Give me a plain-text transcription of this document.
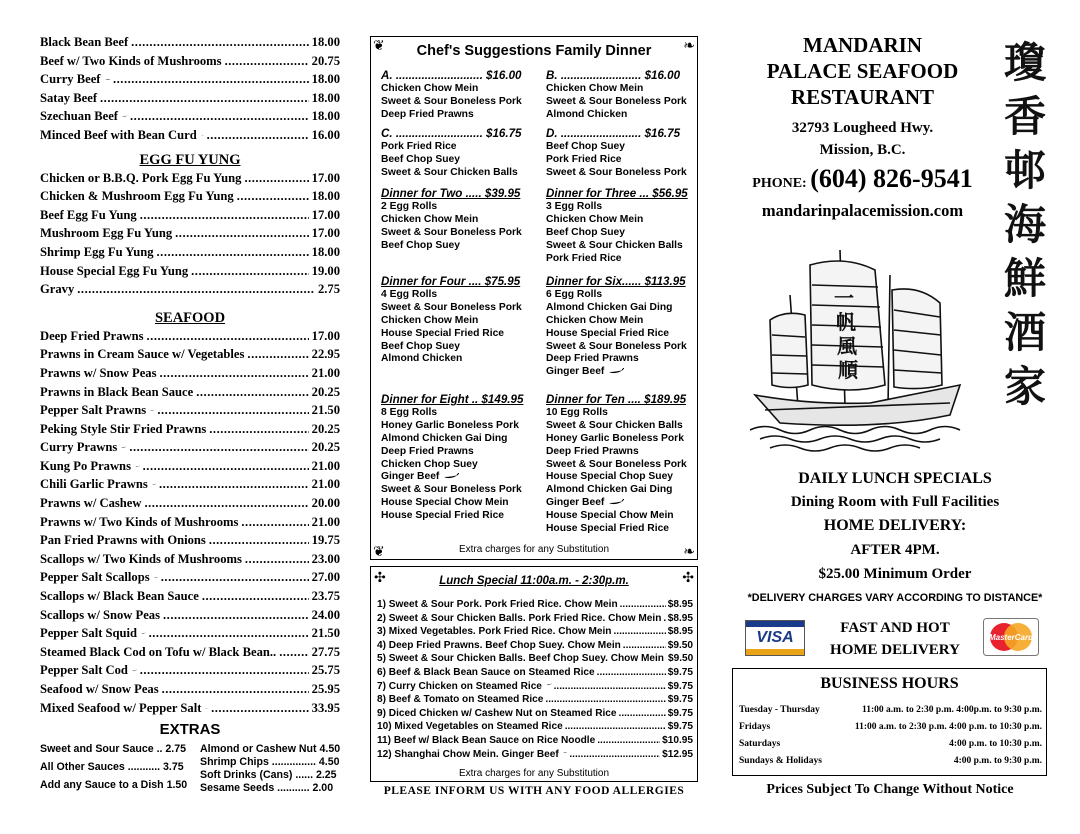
Black Bean Beef .....	18.00
Beef w/ Two Kinds of Mushrooms .....	20.75
Curry Beef .....	18.00
Satay Beef .....	18.00
Szechuan Beef .....	18.00
Minced Beef with Bean Curd .....	16.00
EGG FU YUNG
Chicken or B.B.Q. Pork Egg Fu Yung .....	17.00
Chicken & Mushroom Egg Fu Yung .....	18.00
Beef Egg Fu Yung .....	17.00
Mushroom Egg Fu Yung .....	17.00
Shrimp Egg Fu Yung .....	18.00
House Special Egg Fu Yung .....	19.00
Gravy .....	2.75
SEAFOOD
Deep Fried Prawns .....	17.00
Prawns in Cream Sauce w/ Vegetables .....	22.95
Prawns w/ Snow Peas .....	21.00
Prawns in Black Bean Sauce .....	20.25
Pepper Salt Prawns .....	21.50
Peking Style Stir Fried Prawns .....	20.25
Curry Prawns .....	20.25
Kung Po Prawns .....	21.00
Chili Garlic Prawns .....	21.00
Prawns w/ Cashew .....	20.00
Prawns w/ Two Kinds of Mushrooms .....	21.00
Pan Fried Prawns with Onions .....	19.75
Scallops w/ Two Kinds of Mushrooms .....	23.00
Pepper Salt Scallops .....	27.00
Scallops w/ Black Bean Sauce .....	23.75
Scallops w/ Snow Peas .....	24.00
Pepper Salt Squid .....	21.50
Steamed Black Cod on Tofu w/ Black Bean.. .....	27.75
Pepper Salt Cod .....	25.75
Seafood w/ Snow Peas .....	25.95
Mixed Seafood w/ Pepper Salt .....	33.95
EXTRAS
Sweet and Sour Sauce .. 2.75
All Other Sauces ........... 3.75
Add any Sauce to a Dish 1.50
Almond or Cashew Nut 4.50
Shrimp Chips ............... 4.50
Soft Drinks (Cans) ...... 2.25
Sesame Seeds ........... 2.00
❦	❧
❦	❧
Chef's Suggestions Family Dinner
A. ........................... $16.00
Chicken Chow Mein
Sweet & Sour Boneless Pork
Deep Fried Prawns
B. ......................... $16.00
Chicken Chow Mein
Sweet & Sour Boneless Pork
Almond Chicken
C. ........................... $16.75
Pork Fried Rice
Beef Chop Suey
Sweet & Sour Chicken Balls
D. ......................... $16.75
Beef Chop Suey
Pork Fried Rice
Sweet & Sour Boneless Pork
Dinner for Two ..... $39.95
2 Egg Rolls
Chicken Chow Mein
Sweet & Sour Boneless Pork
Beef Chop Suey
Dinner for Three ... $56.95
3 Egg Rolls
Chicken Chow Mein
Beef Chop Suey
Sweet & Sour Chicken Balls
Pork Fried Rice
Dinner for Four .... $75.95
4 Egg Rolls
Sweet & Sour Boneless Pork
Chicken Chow Mein
House Special Fried Rice
Beef Chop Suey
Almond Chicken
Dinner for Six...... $113.95
6 Egg Rolls
Almond Chicken Gai Ding
Chicken Chow Mein
House Special Fried Rice
Sweet & Sour Boneless Pork
Deep Fried Prawns
Ginger Beef
Dinner for Eight .. $149.95
8 Egg Rolls
Honey Garlic Boneless Pork
Almond Chicken Gai Ding
Deep Fried Prawns
Chicken Chop Suey
Ginger Beef
Sweet & Sour Boneless Pork
House Special Chow Mein
House Special Fried Rice
Dinner for Ten .... $189.95
10 Egg Rolls
Sweet & Sour Chicken Balls
Honey Garlic Boneless Pork
Deep Fried Prawns
Sweet & Sour Boneless Pork
House Special Chop Suey
Almond Chicken Gai Ding
Ginger Beef
House Special Chow Mein
House Special Fried Rice
Extra charges for any Substitution
✣	✣
Lunch Special 11:00a.m. - 2:30p.m.
1) Sweet & Sour Pork. Pork Fried Rice. Chow Mein .....	$8.95
2) Sweet & Sour Chicken Balls. Pork Fried Rice. Chow Mein ..... $8.95
3) Mixed Vegetables. Pork Fried Rice. Chow Mein .....	$8.95
4) Deep Fried Prawns. Beef Chop Suey. Chow Mein .....	$9.50
5) Sweet & Sour Chicken Balls. Beef Chop Suey. Chow Mein $9.50
6) Beef & Black Bean Sauce on Steamed Rice .....	$9.75
7) Curry Chicken on Steamed Rice .....	$9.75
8) Beef & Tomato on Steamed Rice .....	$9.75
9) Diced Chicken w/ Cashew Nut on Steamed Rice .....	$9.75
10) Mixed Vegetables on Steamed Rice .....	$9.75
11) Beef w/ Black Bean Sauce on Rice Noodle .....	$10.95
12) Shanghai Chow Mein. Ginger Beef .....	$12.95
Extra charges for any Substitution
PLEASE INFORM US WITH ANY FOOD ALLERGIES
MANDARIN
PALACE SEAFOOD
RESTAURANT
32793 Lougheed Hwy.
Mission, B.C.
PHONE: (604) 826-9541
mandarinpalacemission.com
瓊
香
邨
海
鮮
酒
家
一
帆
風
順
DAILY LUNCH SPECIALS
Dining Room with Full Facilities
HOME DELIVERY:
AFTER 4PM.
$25.00 Minimum Order
*DELIVERY CHARGES VARY ACCORDING TO DISTANCE*
VISA
FAST AND HOT
HOME DELIVERY
MasterCard
BUSINESS HOURS
Tuesday - Thursday	11:00 a.m. to 2:30 p.m. 4:00p.m. to 9:30 p.m.
Fridays	11:00 a.m. to 2:30 p.m. 4:00 p.m. to 10:30 p.m.
Saturdays	4:00 p.m. to 10:30 p.m.
Sundays & Holidays	4:00 p.m. to 9:30 p.m.
Prices Subject To Change Without Notice
